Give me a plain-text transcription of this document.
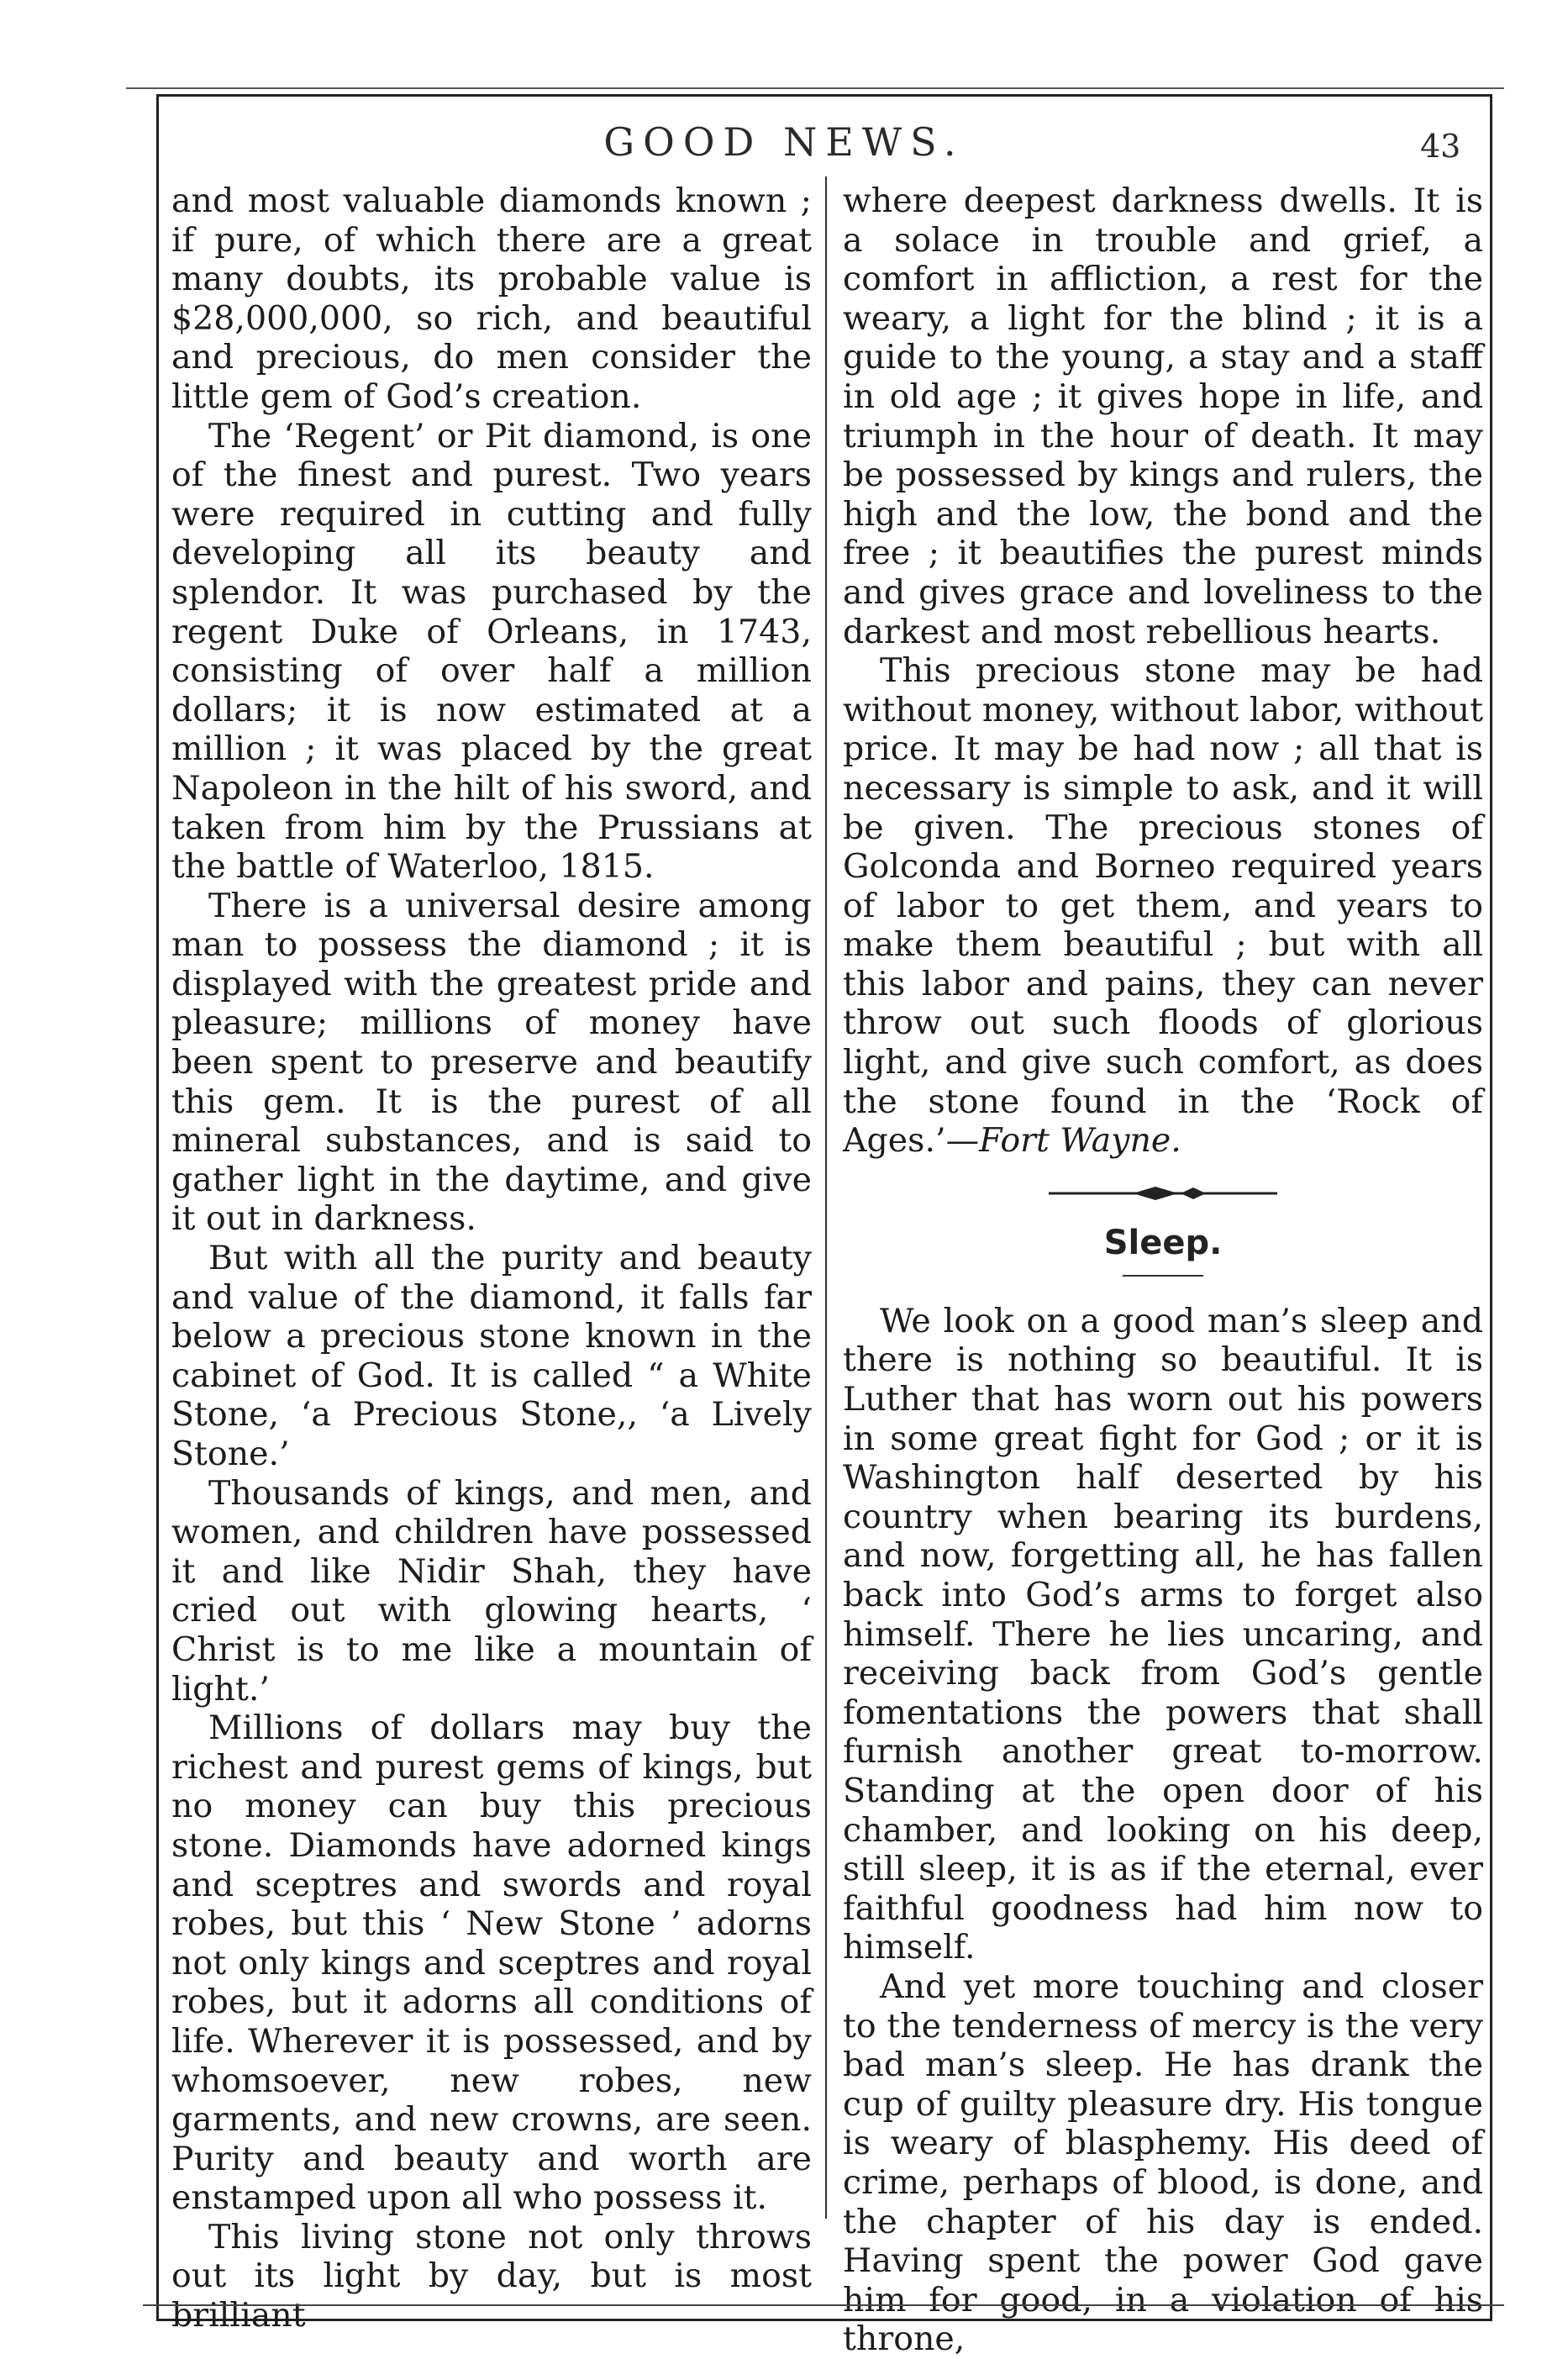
GOOD NEWS.	43

and most valuable diamonds known ; if pure, of which there are a great many doubts, its probable value is $28,000,000, so rich, and beautiful and precious, do men consider the little gem of God’s creation.

The ‘Regent’ or Pit diamond, is one of the finest and purest. Two years were required in cutting and fully developing all its beauty and splendor. It was purchased by the regent Duke of Orleans, in 1743, consisting of over half a million dollars; it is now estimated at a million ; it was placed by the great Napoleon in the hilt of his sword, and taken from him by the Prussians at the battle of Waterloo, 1815.

There is a universal desire among man to possess the diamond ; it is displayed with the greatest pride and pleasure; millions of money have been spent to preserve and beautify this gem. It is the purest of all mineral substances, and is said to gather light in the daytime, and give it out in darkness.

But with all the purity and beauty and value of the diamond, it falls far below a precious stone known in the cabinet of God. It is called “ a White Stone, ‘a Precious Stone,, ‘a Lively Stone.’

Thousands of kings, and men, and women, and children have possessed it and like Nidir Shah, they have cried out with glowing hearts, ‘ Christ is to me like a mountain of light.’

Millions of dollars may buy the richest and purest gems of kings, but no money can buy this precious stone. Diamonds have adorned kings and sceptres and swords and royal robes, but this ‘ New Stone ’ adorns not only kings and sceptres and royal robes, but it adorns all conditions of life. Wherever it is possessed, and by whomsoever, new robes, new garments, and new crowns, are seen. Purity and beauty and worth are enstamped upon all who possess it.

This living stone not only throws out its light by day, but is most brilliant

where deepest darkness dwells. It is a solace in trouble and grief, a comfort in affliction, a rest for the weary, a light for the blind ; it is a guide to the young, a stay and a staff in old age ; it gives hope in life, and triumph in the hour of death. It may be possessed by kings and rulers, the high and the low, the bond and the free ; it beautifies the purest minds and gives grace and loveliness to the darkest and most rebellious hearts.

This precious stone may be had without money, without labor, without price. It may be had now ; all that is necessary is simple to ask, and it will be given. The precious stones of Golconda and Borneo required years of labor to get them, and years to make them beautiful ; but with all this labor and pains, they can never throw out such floods of glorious light, and give such comfort, as does the stone found in the ‘Rock of Ages.’—Fort Wayne.

Sleep.

We look on a good man’s sleep and there is nothing so beautiful. It is Luther that has worn out his powers in some great fight for God ; or it is Washington half deserted by his country when bearing its burdens, and now, forgetting all, he has fallen back into God’s arms to forget also himself. There he lies uncaring, and receiving back from God’s gentle fomentations the powers that shall furnish another great to-morrow. Standing at the open door of his chamber, and looking on his deep, still sleep, it is as if the eternal, ever faithful goodness had him now to himself.

And yet more touching and closer to the tenderness of mercy is the very bad man’s sleep. He has drank the cup of guilty pleasure dry. His tongue is weary of blasphemy. His deed of crime, perhaps of blood, is done, and the chapter of his day is ended. Having spent the power God gave him for good, in a violation of his throne,
